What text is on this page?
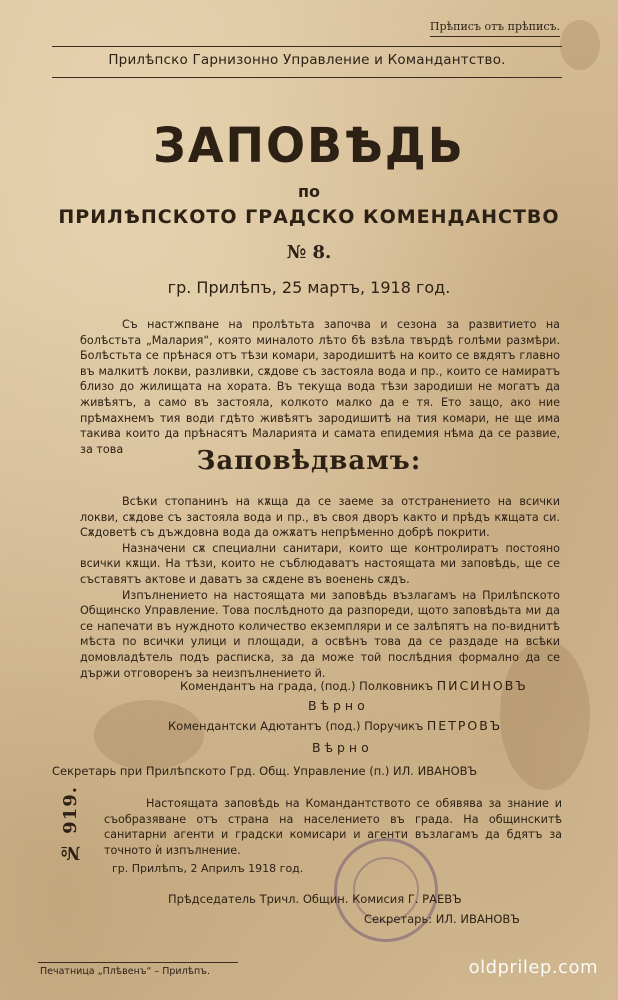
Прѣписъ отъ прѣписъ.
Прилѣпско Гарнизонно Управление и Командантство.
ЗАПОВѢДЬ
по
ПРИЛѢПСКОТО ГРАДСКО КОМЕНДАНСТВО
№ 8.
гр. Прилѣпъ, 25 мартъ, 1918 год.

Съ настжпване на пролѣтьта започва и сезона за развитието на болѣстьта „Малария“, която миналото лѣто бѣ взѣла твърдѣ голѣми размѣри. Болѣстьта се прѣнася отъ тѣзи комари, зародишитѣ на които се вѫдятъ главно въ малкитѣ локви, разливки, сѫдове съ застояла вода и пр., които се намиратъ близо до жилищата на хората. Въ текуща вода тѣзи зародиши не могатъ да живѣятъ, а само въ застояла, колкото малко да е тя. Ето защо, ако ние прѣмахнемъ тия води гдѣто живѣятъ зародишитѣ на тия комари, не ще има такива които да прѣнасятъ Маларията и самата епидемия нѣма да се развие, за това	Заповѣдвамъ:

Всѣки стопанинъ на кѫща да се заеме за отстранението на всички локви, сѫдове съ застояла вода и пр., въ своя дворъ както и прѣдъ кѫщата си. Сѫдоветѣ съ дъждовна вода да ожѫатъ непрѣменно добрѣ покрити.

Назначени сѫ специални санитари, които ще контролиратъ постояно всички кѫщи. На тѣзи, които не съблюдаватъ настоящата ми заповѣдь, ще се съставятъ актове и даватъ за сѫдене въ военень сѫдъ.

Изпълнението на настоящата ми заповѣдь възлагамъ на Прилѣпското Общинско Управление. Това послѣдното да разпореди, щото заповѣдьта ми да се напечати въ нуждното количество екземпляри и се залѣпятъ на по-виднитѣ мѣста по всички улици и площади, а освѣнъ това да се раздаде на всѣки домовладѣтель подъ расписка, за да може той послѣдния формално да се държи отговоренъ за неизпълнението й.

Комендантъ на града, (под.) Полковникъ ПИСИНОВЪ
Вѣрно
Комендантски Адютантъ (под.) Поручикъ ПЕТРОВЪ
Вѣрно
Секретарь при Прилѣпското Грд. Общ. Управление (п.) ИЛ. ИВАНОВЪ
№ 919.	Настоящата заповѣдь на Командантството се обявява за знание и съобразяване отъ страна на населението въ града. На общинскитѣ санитарни агенти и градски комисари и агенти възлагамъ да бдятъ за точното ѝ изпълнение.

гр. Прилѣпъ, 2 Априлъ 1918 год.
Прѣдседатель Тричл. Общин. Комисия Г. РАЕВЪ
Секретарь: ИЛ. ИВАНОВЪ
Печатница „Плѣвенъ“ – Прилѣпъ.	oldprilep.com
